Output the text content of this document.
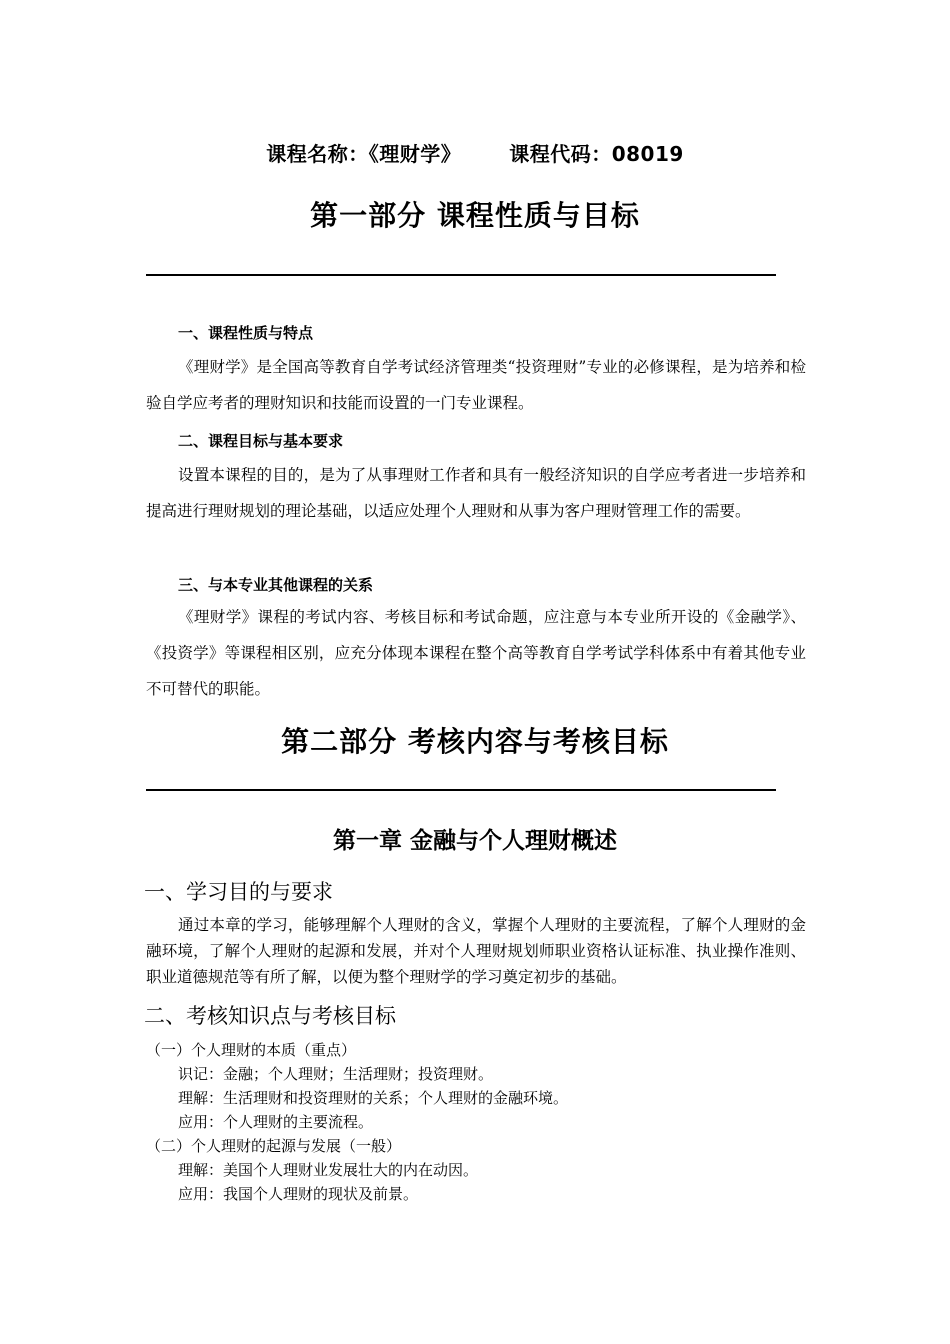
课程名称：《理财学》 课程代码：08019
第一部分 课程性质与目标
一、课程性质与特点
《理财学》是全国高等教育自学考试经济管理类“投资理财”专业的必修课程，是为培养和检验自学应考者的理财知识和技能而设置的一门专业课程。
二、课程目标与基本要求
设置本课程的目的，是为了从事理财工作者和具有一般经济知识的自学应考者进一步培养和提高进行理财规划的理论基础，以适应处理个人理财和从事为客户理财管理工作的需要。
三、与本专业其他课程的关系
《理财学》课程的考试内容、考核目标和考试命题，应注意与本专业所开设的《金融学》、《投资学》等课程相区别，应充分体现本课程在整个高等教育自学考试学科体系中有着其他专业不可替代的职能。
第二部分 考核内容与考核目标
第一章 金融与个人理财概述
一、学习目的与要求
通过本章的学习，能够理解个人理财的含义，掌握个人理财的主要流程，了解个人理财的金融环境，了解个人理财的起源和发展，并对个人理财规划师职业资格认证标准、执业操作准则、职业道德规范等有所了解，以便为整个理财学的学习奠定初步的基础。
二、考核知识点与考核目标
（一）个人理财的本质（重点）
识记：金融；个人理财；生活理财；投资理财。
理解：生活理财和投资理财的关系；个人理财的金融环境。
应用：个人理财的主要流程。
（二）个人理财的起源与发展（一般）
理解：美国个人理财业发展壮大的内在动因。
应用：我国个人理财的现状及前景。
